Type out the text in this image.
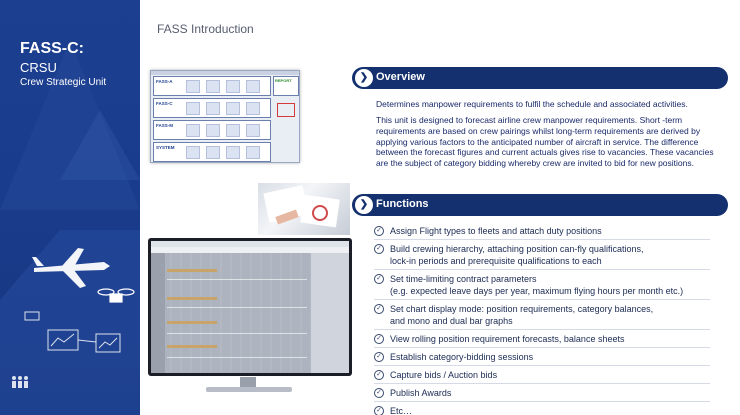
FASS-C:
CRSU
Crew Strategic Unit
FASS Introduction
FASS-A
FASS-C
FASS-M
SYSTEM
REPORT	❯ Overview
Determines manpower requirements to fulfil the schedule and associated activities.
This unit is designed to forecast airline crew manpower requirements. Short -term requirements are based on crew pairings whilst long-term requirements are derived by applying various factors to the anticipated number of aircraft in service. The difference between the forecast figures and current actuals gives rise to vacancies. These vacancies are the subject of category bidding whereby crew are invited to bid for new positions.
❯ Functions
✓ Assign Flight types to fleets and attach duty positions
✓ Build crewing hierarchy, attaching position can-fly qualifications,
lock-in periods and prerequisite qualifications to each
✓ Set time-limiting contract parameters
(e.g. expected leave days per year, maximum flying hours per month etc.)
✓ Set chart display mode: position requirements, category balances,
and mono and dual bar graphs
✓ View rolling position requirement forecasts, balance sheets
✓ Establish category-bidding sessions
✓ Capture bids / Auction bids
✓ Publish Awards
✓ Etc…
